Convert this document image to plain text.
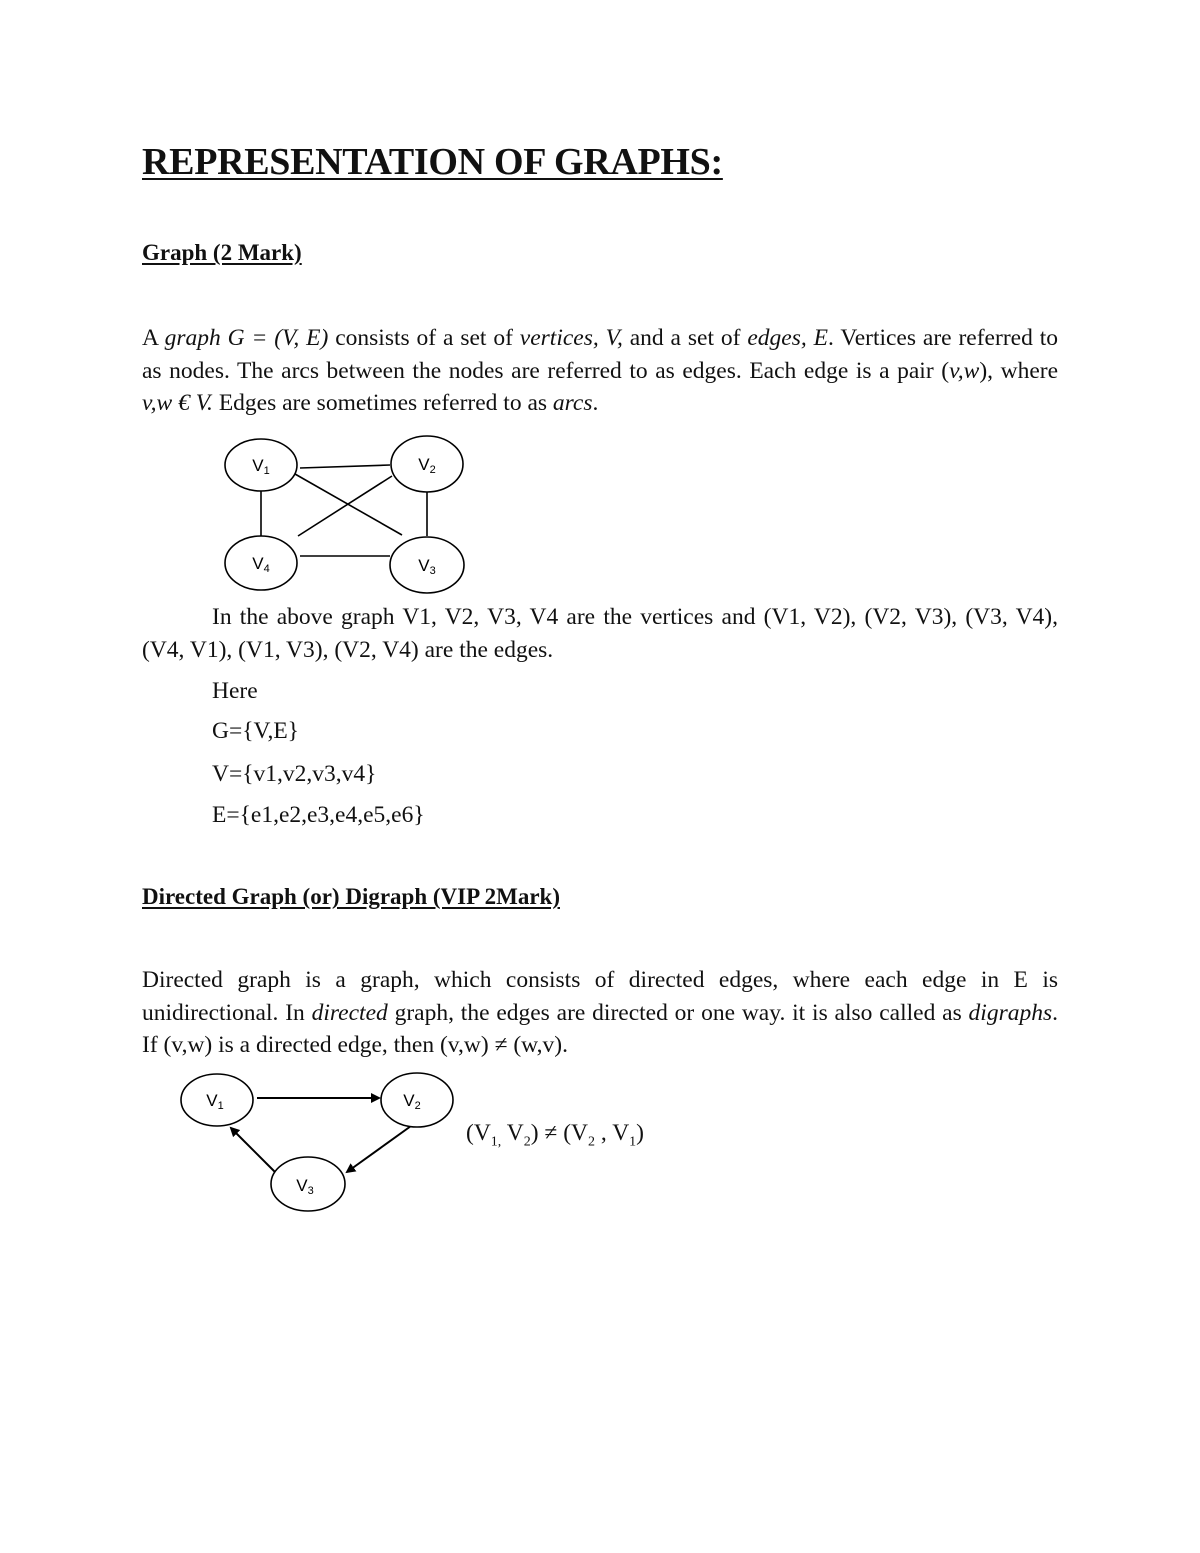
REPRESENTATION OF GRAPHS:
Graph (2 Mark)
A graph G = (V, E) consists of a set of vertices, V, and a set of edges, E. Vertices are referred to as nodes. The arcs between the nodes are referred to as edges. Each edge is a pair (v,w), where v,w € V. Edges are sometimes referred to as arcs.
V1	V2
V4	V3
In the above graph V1, V2, V3, V4 are the vertices and (V1, V2), (V2, V3), (V3, V4), (V4, V1), (V1, V3), (V2, V4) are the edges.
Here
G={V,E}
V={v1,v2,v3,v4}
E={e1,e2,e3,e4,e5,e6}
Directed Graph (or) Digraph (VIP 2Mark)
Directed graph is a graph, which consists of directed edges, where each edge in E is unidirectional. In directed graph, the edges are directed or one way. it is also called as digraphs. If (v,w) is a directed edge, then (v,w) ≠ (w,v).
V1	V2
V3
($V_{1,}$ $V_2) \ne (V_2$ , $V_1$)
